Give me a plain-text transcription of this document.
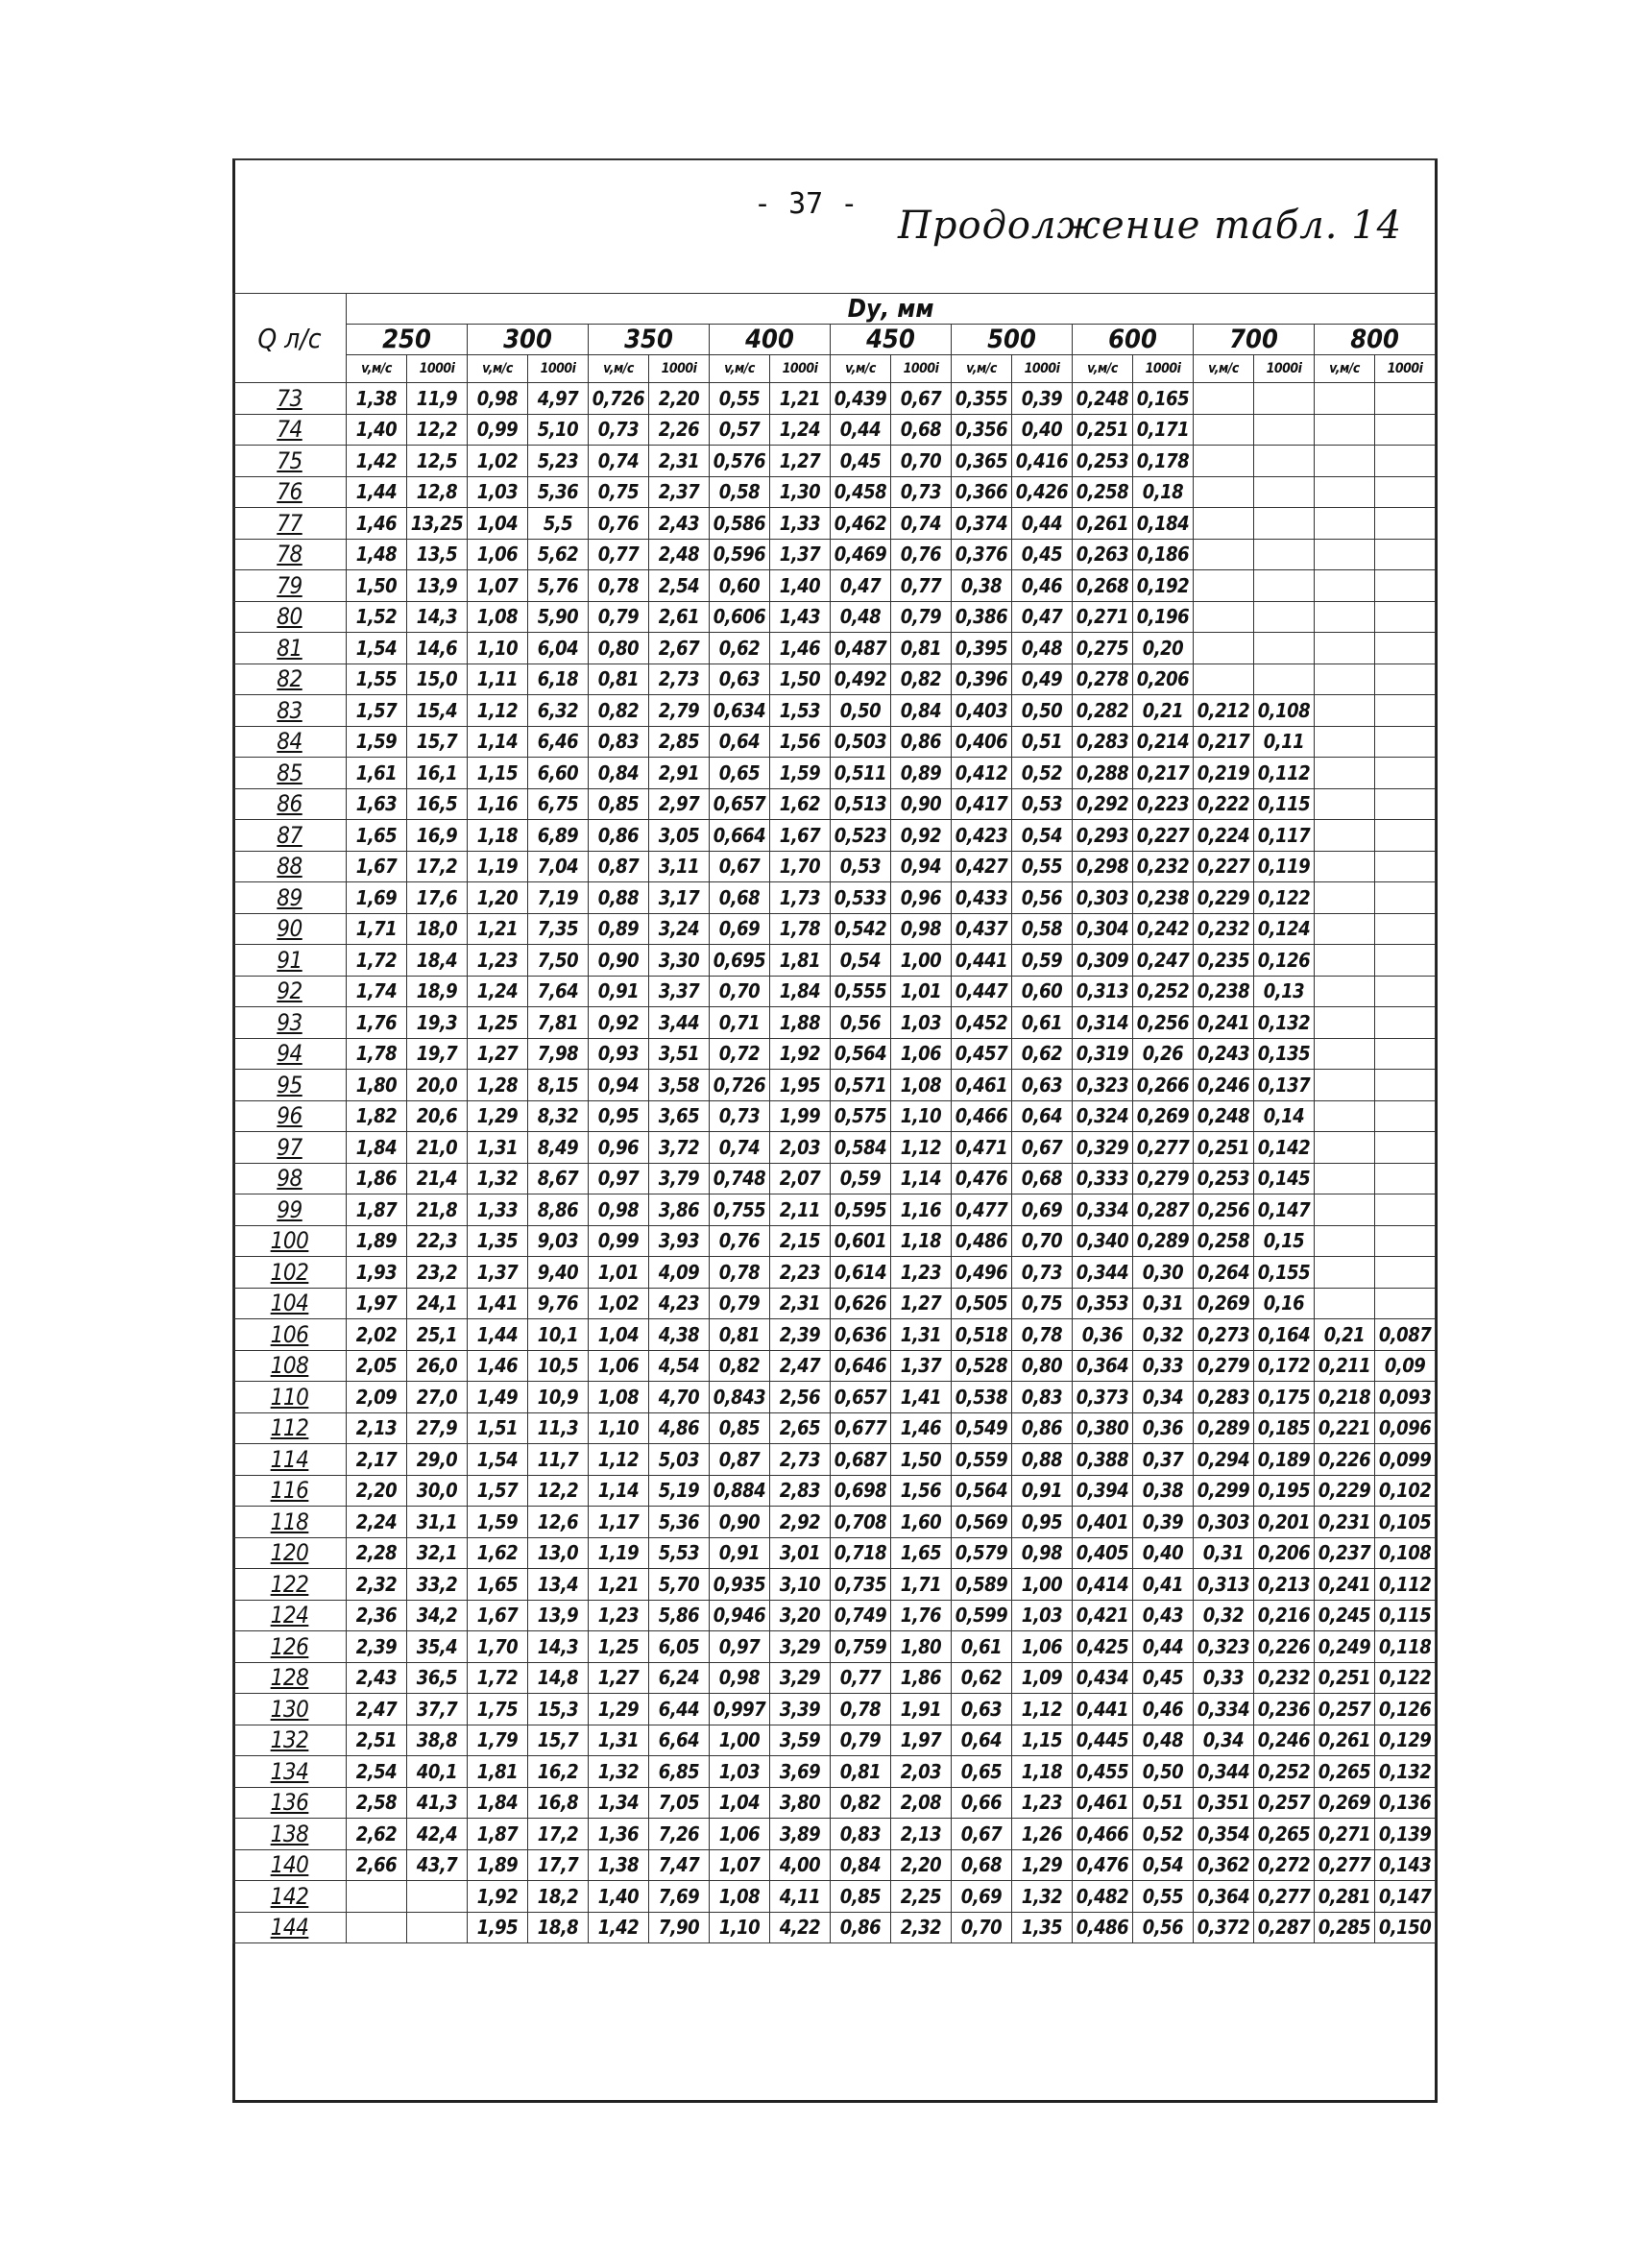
- 37 - Продолжение табл. 14
Q л/с	Dу, мм																	
	250		300		350		400		450		500		600		700		800	
	v,м/с	1000i	v,м/с	1000i	v,м/с	1000i	v,м/с	1000i	v,м/с	1000i	v,м/с	1000i	v,м/с	1000i	v,м/с	1000i	v,м/с	1000i
73	1,38	11,9	0,98	4,97	0,726	2,20	0,55	1,21	0,439	0,67	0,355	0,39	0,248	0,165				
74	1,40	12,2	0,99	5,10	0,73	2,26	0,57	1,24	0,44	0,68	0,356	0,40	0,251	0,171				
75	1,42	12,5	1,02	5,23	0,74	2,31	0,576	1,27	0,45	0,70	0,365	0,416	0,253	0,178				
76	1,44	12,8	1,03	5,36	0,75	2,37	0,58	1,30	0,458	0,73	0,366	0,426	0,258	0,18				
77	1,46	13,25	1,04	5,5	0,76	2,43	0,586	1,33	0,462	0,74	0,374	0,44	0,261	0,184				
78	1,48	13,5	1,06	5,62	0,77	2,48	0,596	1,37	0,469	0,76	0,376	0,45	0,263	0,186				
79	1,50	13,9	1,07	5,76	0,78	2,54	0,60	1,40	0,47	0,77	0,38	0,46	0,268	0,192				
80	1,52	14,3	1,08	5,90	0,79	2,61	0,606	1,43	0,48	0,79	0,386	0,47	0,271	0,196				
81	1,54	14,6	1,10	6,04	0,80	2,67	0,62	1,46	0,487	0,81	0,395	0,48	0,275	0,20				
82	1,55	15,0	1,11	6,18	0,81	2,73	0,63	1,50	0,492	0,82	0,396	0,49	0,278	0,206				
83	1,57	15,4	1,12	6,32	0,82	2,79	0,634	1,53	0,50	0,84	0,403	0,50	0,282	0,21	0,212	0,108		
84	1,59	15,7	1,14	6,46	0,83	2,85	0,64	1,56	0,503	0,86	0,406	0,51	0,283	0,214	0,217	0,11		
85	1,61	16,1	1,15	6,60	0,84	2,91	0,65	1,59	0,511	0,89	0,412	0,52	0,288	0,217	0,219	0,112		
86	1,63	16,5	1,16	6,75	0,85	2,97	0,657	1,62	0,513	0,90	0,417	0,53	0,292	0,223	0,222	0,115		
87	1,65	16,9	1,18	6,89	0,86	3,05	0,664	1,67	0,523	0,92	0,423	0,54	0,293	0,227	0,224	0,117		
88	1,67	17,2	1,19	7,04	0,87	3,11	0,67	1,70	0,53	0,94	0,427	0,55	0,298	0,232	0,227	0,119		
89	1,69	17,6	1,20	7,19	0,88	3,17	0,68	1,73	0,533	0,96	0,433	0,56	0,303	0,238	0,229	0,122		
90	1,71	18,0	1,21	7,35	0,89	3,24	0,69	1,78	0,542	0,98	0,437	0,58	0,304	0,242	0,232	0,124		
91	1,72	18,4	1,23	7,50	0,90	3,30	0,695	1,81	0,54	1,00	0,441	0,59	0,309	0,247	0,235	0,126		
92	1,74	18,9	1,24	7,64	0,91	3,37	0,70	1,84	0,555	1,01	0,447	0,60	0,313	0,252	0,238	0,13		
93	1,76	19,3	1,25	7,81	0,92	3,44	0,71	1,88	0,56	1,03	0,452	0,61	0,314	0,256	0,241	0,132		
94	1,78	19,7	1,27	7,98	0,93	3,51	0,72	1,92	0,564	1,06	0,457	0,62	0,319	0,26	0,243	0,135		
95	1,80	20,0	1,28	8,15	0,94	3,58	0,726	1,95	0,571	1,08	0,461	0,63	0,323	0,266	0,246	0,137		
96	1,82	20,6	1,29	8,32	0,95	3,65	0,73	1,99	0,575	1,10	0,466	0,64	0,324	0,269	0,248	0,14		
97	1,84	21,0	1,31	8,49	0,96	3,72	0,74	2,03	0,584	1,12	0,471	0,67	0,329	0,277	0,251	0,142		
98	1,86	21,4	1,32	8,67	0,97	3,79	0,748	2,07	0,59	1,14	0,476	0,68	0,333	0,279	0,253	0,145		
99	1,87	21,8	1,33	8,86	0,98	3,86	0,755	2,11	0,595	1,16	0,477	0,69	0,334	0,287	0,256	0,147		
100	1,89	22,3	1,35	9,03	0,99	3,93	0,76	2,15	0,601	1,18	0,486	0,70	0,340	0,289	0,258	0,15		
102	1,93	23,2	1,37	9,40	1,01	4,09	0,78	2,23	0,614	1,23	0,496	0,73	0,344	0,30	0,264	0,155		
104	1,97	24,1	1,41	9,76	1,02	4,23	0,79	2,31	0,626	1,27	0,505	0,75	0,353	0,31	0,269	0,16		
106	2,02	25,1	1,44	10,1	1,04	4,38	0,81	2,39	0,636	1,31	0,518	0,78	0,36	0,32	0,273	0,164	0,21	0,087
108	2,05	26,0	1,46	10,5	1,06	4,54	0,82	2,47	0,646	1,37	0,528	0,80	0,364	0,33	0,279	0,172	0,211	0,09
110	2,09	27,0	1,49	10,9	1,08	4,70	0,843	2,56	0,657	1,41	0,538	0,83	0,373	0,34	0,283	0,175	0,218	0,093
112	2,13	27,9	1,51	11,3	1,10	4,86	0,85	2,65	0,677	1,46	0,549	0,86	0,380	0,36	0,289	0,185	0,221	0,096
114	2,17	29,0	1,54	11,7	1,12	5,03	0,87	2,73	0,687	1,50	0,559	0,88	0,388	0,37	0,294	0,189	0,226	0,099
116	2,20	30,0	1,57	12,2	1,14	5,19	0,884	2,83	0,698	1,56	0,564	0,91	0,394	0,38	0,299	0,195	0,229	0,102
118	2,24	31,1	1,59	12,6	1,17	5,36	0,90	2,92	0,708	1,60	0,569	0,95	0,401	0,39	0,303	0,201	0,231	0,105
120	2,28	32,1	1,62	13,0	1,19	5,53	0,91	3,01	0,718	1,65	0,579	0,98	0,405	0,40	0,31	0,206	0,237	0,108
122	2,32	33,2	1,65	13,4	1,21	5,70	0,935	3,10	0,735	1,71	0,589	1,00	0,414	0,41	0,313	0,213	0,241	0,112
124	2,36	34,2	1,67	13,9	1,23	5,86	0,946	3,20	0,749	1,76	0,599	1,03	0,421	0,43	0,32	0,216	0,245	0,115
126	2,39	35,4	1,70	14,3	1,25	6,05	0,97	3,29	0,759	1,80	0,61	1,06	0,425	0,44	0,323	0,226	0,249	0,118
128	2,43	36,5	1,72	14,8	1,27	6,24	0,98	3,29	0,77	1,86	0,62	1,09	0,434	0,45	0,33	0,232	0,251	0,122
130	2,47	37,7	1,75	15,3	1,29	6,44	0,997	3,39	0,78	1,91	0,63	1,12	0,441	0,46	0,334	0,236	0,257	0,126
132	2,51	38,8	1,79	15,7	1,31	6,64	1,00	3,59	0,79	1,97	0,64	1,15	0,445	0,48	0,34	0,246	0,261	0,129
134	2,54	40,1	1,81	16,2	1,32	6,85	1,03	3,69	0,81	2,03	0,65	1,18	0,455	0,50	0,344	0,252	0,265	0,132
136	2,58	41,3	1,84	16,8	1,34	7,05	1,04	3,80	0,82	2,08	0,66	1,23	0,461	0,51	0,351	0,257	0,269	0,136
138	2,62	42,4	1,87	17,2	1,36	7,26	1,06	3,89	0,83	2,13	0,67	1,26	0,466	0,52	0,354	0,265	0,271	0,139
140	2,66	43,7	1,89	17,7	1,38	7,47	1,07	4,00	0,84	2,20	0,68	1,29	0,476	0,54	0,362	0,272	0,277	0,143
142			1,92	18,2	1,40	7,69	1,08	4,11	0,85	2,25	0,69	1,32	0,482	0,55	0,364	0,277	0,281	0,147
144			1,95	18,8	1,42	7,90	1,10	4,22	0,86	2,32	0,70	1,35	0,486	0,56	0,372	0,287	0,285	0,150
